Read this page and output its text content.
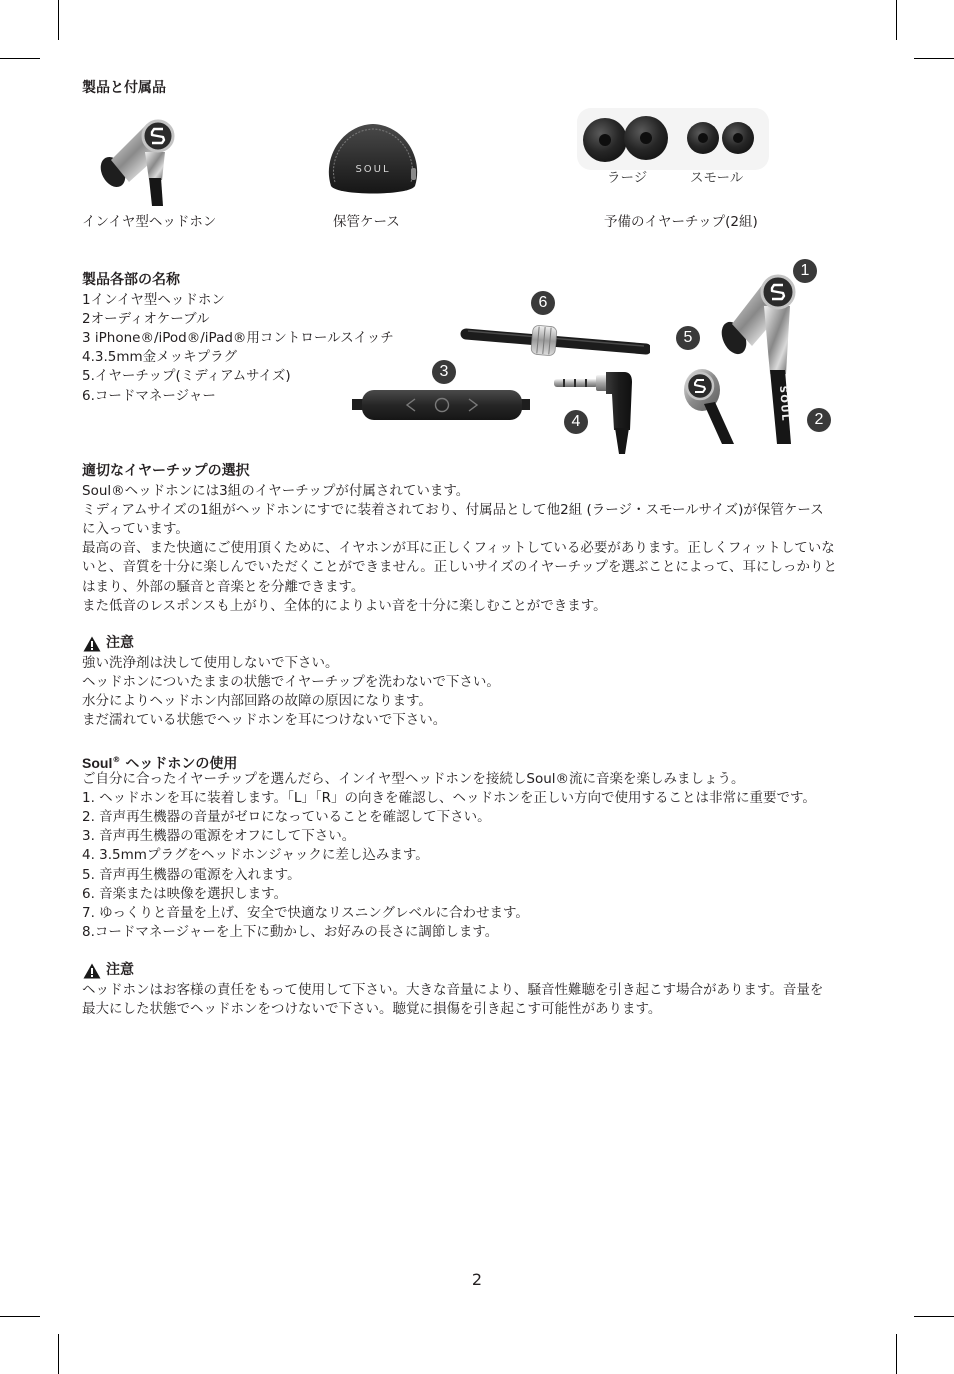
製品と付属品
SOUL
ラージ	スモール
インイヤ型ヘッドホン	保管ケース	予備のイヤーチップ(2組)
製品各部の名称
1インイヤ型ヘッドホン
2オーディオケーブル
3 iPhone®/iPod®/iPad®用コントロールスイッチ
4.3.5mm金メッキプラグ
5.イヤーチップ(ミディアムサイズ)
6.コードマネージャー	SOUL
1
2
3
4
5
6
適切なイヤーチップの選択
Soul®ヘッドホンには3組のイヤーチップが付属されています。
ミディアムサイズの1組がヘッドホンにすでに装着されており、付属品として他2組 (ラージ・スモールサイズ)が保管ケース
に入っています。
最高の音、また快適にご使用頂くために、イヤホンが耳に正しくフィットしている必要があります。正しくフィットしていな
いと、音質を十分に楽しんでいただくことができません。正しいサイズのイヤーチップを選ぶことによって、耳にしっかりと
はまり、外部の騒音と音楽とを分離できます。
また低音のレスポンスも上がり、全体的によりよい音を十分に楽しむことができます。
注意
強い洗浄剤は決して使用しないで下さい。
ヘッドホンについたままの状態でイヤーチップを洗わないで下さい。
水分によりヘッドホン内部回路の故障の原因になります。
まだ濡れている状態でヘッドホンを耳につけないで下さい。
Soul® ヘッドホンの使用
ご自分に合ったイヤーチップを選んだら、インイヤ型ヘッドホンを接続しSoul®流に音楽を楽しみましょう。
1. ヘッドホンを耳に装着します。「L」「R」の向きを確認し、ヘッドホンを正しい方向で使用することは非常に重要です。
2. 音声再生機器の音量がゼロになっていることを確認して下さい。
3. 音声再生機器の電源をオフにして下さい。
4. 3.5mmプラグをヘッドホンジャックに差し込みます。
5. 音声再生機器の電源を入れます。
6. 音楽または映像を選択します。
7. ゆっくりと音量を上げ、安全で快適なリスニングレベルに合わせます。
8.コードマネージャーを上下に動かし、お好みの長さに調節します。
注意
ヘッドホンはお客様の責任をもって使用して下さい。大きな音量により、騒音性難聴を引き起こす場合があります。音量を
最大にした状態でヘッドホンをつけないで下さい。聴覚に損傷を引き起こす可能性があります。
2
